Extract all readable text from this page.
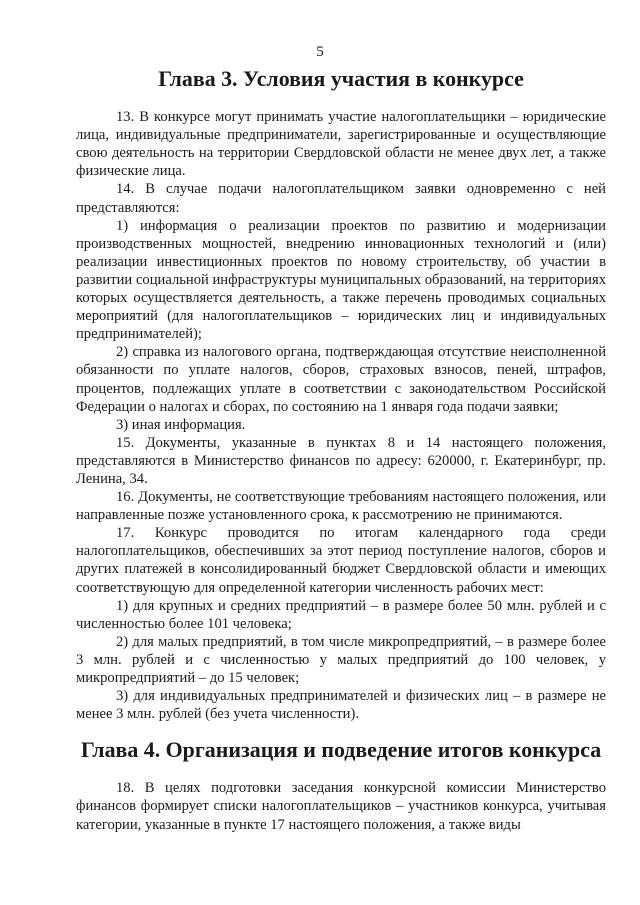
5
Глава 3. Условия участия в конкурсе

13. В конкурсе могут принимать участие налогоплательщики – юридические лица, индивидуальные предприниматели, зарегистрированные и осуществляющие свою деятельность на территории Свердловской области не менее двух лет, а также физические лица.

14. В случае подачи налогоплательщиком заявки одновременно с ней представляются:

1) информация о реализации проектов по развитию и модернизации производственных мощностей, внедрению инновационных технологий и (или) реализации инвестиционных проектов по новому строительству, об участии в развитии социальной инфраструктуры муниципальных образований, на территориях которых осуществляется деятельность, а также перечень проводимых социальных мероприятий (для налогоплательщиков – юридических лиц и индивидуальных предпринимателей);

2) справка из налогового органа, подтверждающая отсутствие неисполненной обязанности по уплате налогов, сборов, страховых взносов, пеней, штрафов, процентов, подлежащих уплате в соответствии с законодательством Российской Федерации о налогах и сборах, по состоянию на 1 января года подачи заявки;

3) иная информация.

15. Документы, указанные в пунктах 8 и 14 настоящего положения, представляются в Министерство финансов по адресу: 620000, г. Екатеринбург, пр. Ленина, 34.

16. Документы, не соответствующие требованиям настоящего положения, или направленные позже установленного срока, к рассмотрению не принимаются.

17. Конкурс проводится по итогам календарного года среди налогоплательщиков, обеспечивших за этот период поступление налогов, сборов и других платежей в консолидированный бюджет Свердловской области и имеющих соответствующую для определенной категории численность рабочих мест:

1) для крупных и средних предприятий – в размере более 50 млн. рублей и с численностью более 101 человека;

2) для малых предприятий, в том числе микропредприятий, – в размере более 3 млн. рублей и с численностью у малых предприятий до 100 человек, у микропредприятий – до 15 человек;

3) для индивидуальных предпринимателей и физических лиц – в размере не менее 3 млн. рублей (без учета численности).

Глава 4. Организация и подведение итогов конкурса

18. В целях подготовки заседания конкурсной комиссии Министерство финансов формирует списки налогоплательщиков – участников конкурса, учитывая категории, указанные в пункте 17 настоящего положения, а также виды
